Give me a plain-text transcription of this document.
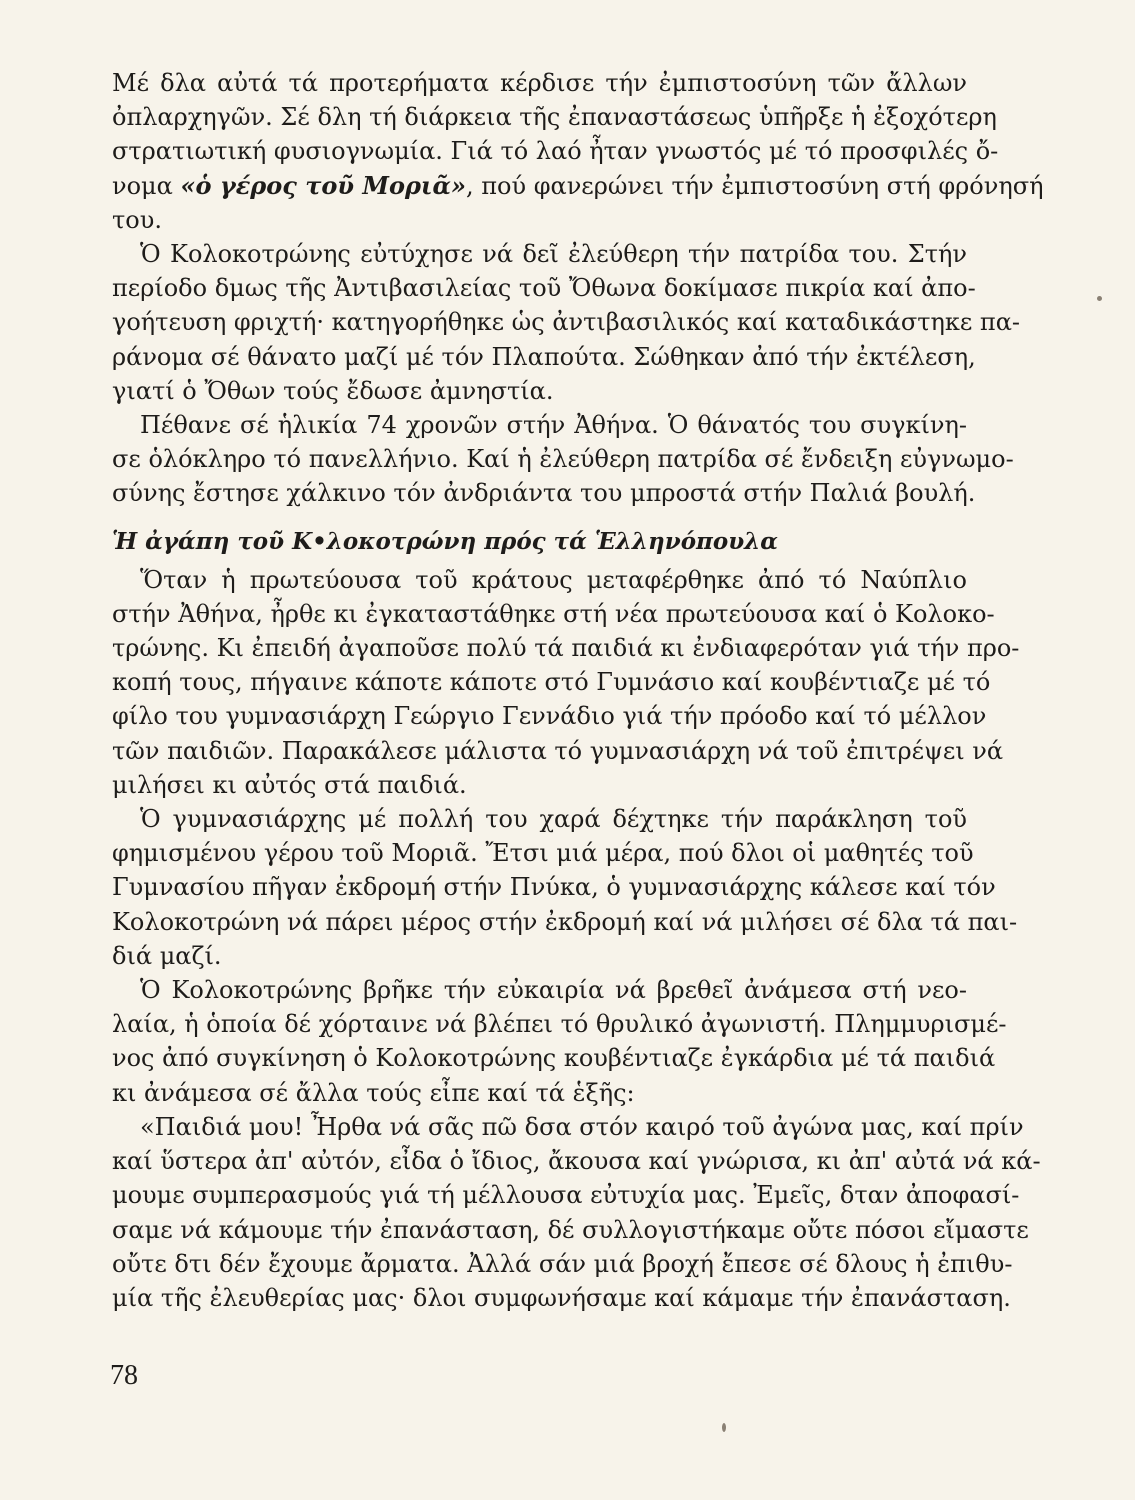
Μέ δλα αὐτά τά προτερήματα κέρδισε τήν ἐμπιστοσύνη τῶν ἄλλων
ὀπλαρχηγῶν. Σέ δλη τή διάρκεια τῆς ἐπαναστάσεως ὑπῆρξε ἡ ἐξοχότερη
στρατιωτική φυσιογνωμία. Γιά τό λαό ἦταν γνωστός μέ τό προσφιλές ὄ-
νομα «ὁ γέρος τοῦ Μοριᾶ», πού φανερώνει τήν ἐμπιστοσύνη στή φρόνησή
του.

Ὁ Κολοκοτρώνης εὐτύχησε νά δεῖ ἐλεύθερη τήν πατρίδα του. Στήν
περίοδο δμως τῆς Ἀντιβασιλείας τοῦ Ὄθωνα δοκίμασε πικρία καί ἀπο-
γοήτευση φριχτή· κατηγορήθηκε ὡς ἀντιβασιλικός καί καταδικάστηκε πα-
ράνομα σέ θάνατο μαζί μέ τόν Πλαπούτα. Σώθηκαν ἀπό τήν ἐκτέλεση,
γιατί ὁ Ὄθων τούς ἔδωσε ἀμνηστία.

Πέθανε σέ ἡλικία 74 χρονῶν στήν Ἀθήνα. Ὁ θάνατός του συγκίνη-
σε ὁλόκληρο τό πανελλήνιο. Καί ἡ ἐλεύθερη πατρίδα σέ ἔνδειξη εὐγνωμο-
σύνης ἔστησε χάλκινο τόν ἀνδριάντα του μπροστά στήν Παλιά βουλή.

Ἡ ἀγάπη τοῦ Κ•λοκοτρώνη πρός τά Ἑλληνόπουλα

Ὅταν ἡ πρωτεύουσα τοῦ κράτους μεταφέρθηκε ἀπό τό Ναύπλιο
στήν Ἀθήνα, ἦρθε κι ἐγκαταστάθηκε στή νέα πρωτεύουσα καί ὁ Κολοκο-
τρώνης. Κι ἐπειδή ἀγαποῦσε πολύ τά παιδιά κι ἐνδιαφερόταν γιά τήν προ-
κοπή τους, πήγαινε κάποτε κάποτε στό Γυμνάσιο καί κουβέντιαζε μέ τό
φίλο του γυμνασιάρχη Γεώργιο Γεννάδιο γιά τήν πρόοδο καί τό μέλλον
τῶν παιδιῶν. Παρακάλεσε μάλιστα τό γυμνασιάρχη νά τοῦ ἐπιτρέψει νά
μιλήσει κι αὐτός στά παιδιά.

Ὁ γυμνασιάρχης μέ πολλή του χαρά δέχτηκε τήν παράκληση τοῦ
φημισμένου γέρου τοῦ Μοριᾶ. Ἔτσι μιά μέρα, πού δλοι οἱ μαθητές τοῦ
Γυμνασίου πῆγαν ἐκδρομή στήν Πνύκα, ὁ γυμνασιάρχης κάλεσε καί τόν
Κολοκοτρώνη νά πάρει μέρος στήν ἐκδρομή καί νά μιλήσει σέ δλα τά παι-
διά μαζί.

Ὁ Κολοκοτρώνης βρῆκε τήν εὐκαιρία νά βρεθεῖ ἀνάμεσα στή νεο-
λαία, ἡ ὁποία δέ χόρταινε νά βλέπει τό θρυλικό ἀγωνιστή. Πλημμυρισμέ-
νος ἀπό συγκίνηση ὁ Κολοκοτρώνης κουβέντιαζε ἐγκάρδια μέ τά παιδιά
κι ἀνάμεσα σέ ἄλλα τούς εἶπε καί τά ἑξῆς:

«Παιδιά μου! Ἦρθα νά σᾶς πῶ δσα στόν καιρό τοῦ ἀγώνα μας, καί πρίν
καί ὕστερα ἀπ' αὐτόν, εἶδα ὁ ἴδιος, ἄκουσα καί γνώρισα, κι ἀπ' αὐτά νά κά-
μουμε συμπερασμούς γιά τή μέλλουσα εὐτυχία μας. Ἐμεῖς, δταν ἀποφασί-
σαμε νά κάμουμε τήν ἐπανάσταση, δέ συλλογιστήκαμε οὔτε πόσοι εἴμαστε
οὔτε δτι δέν ἔχουμε ἄρματα. Ἀλλά σάν μιά βροχή ἔπεσε σέ δλους ἡ ἐπιθυ-
μία τῆς ἐλευθερίας μας· δλοι συμφωνήσαμε καί κάμαμε τήν ἐπανάσταση.

78
